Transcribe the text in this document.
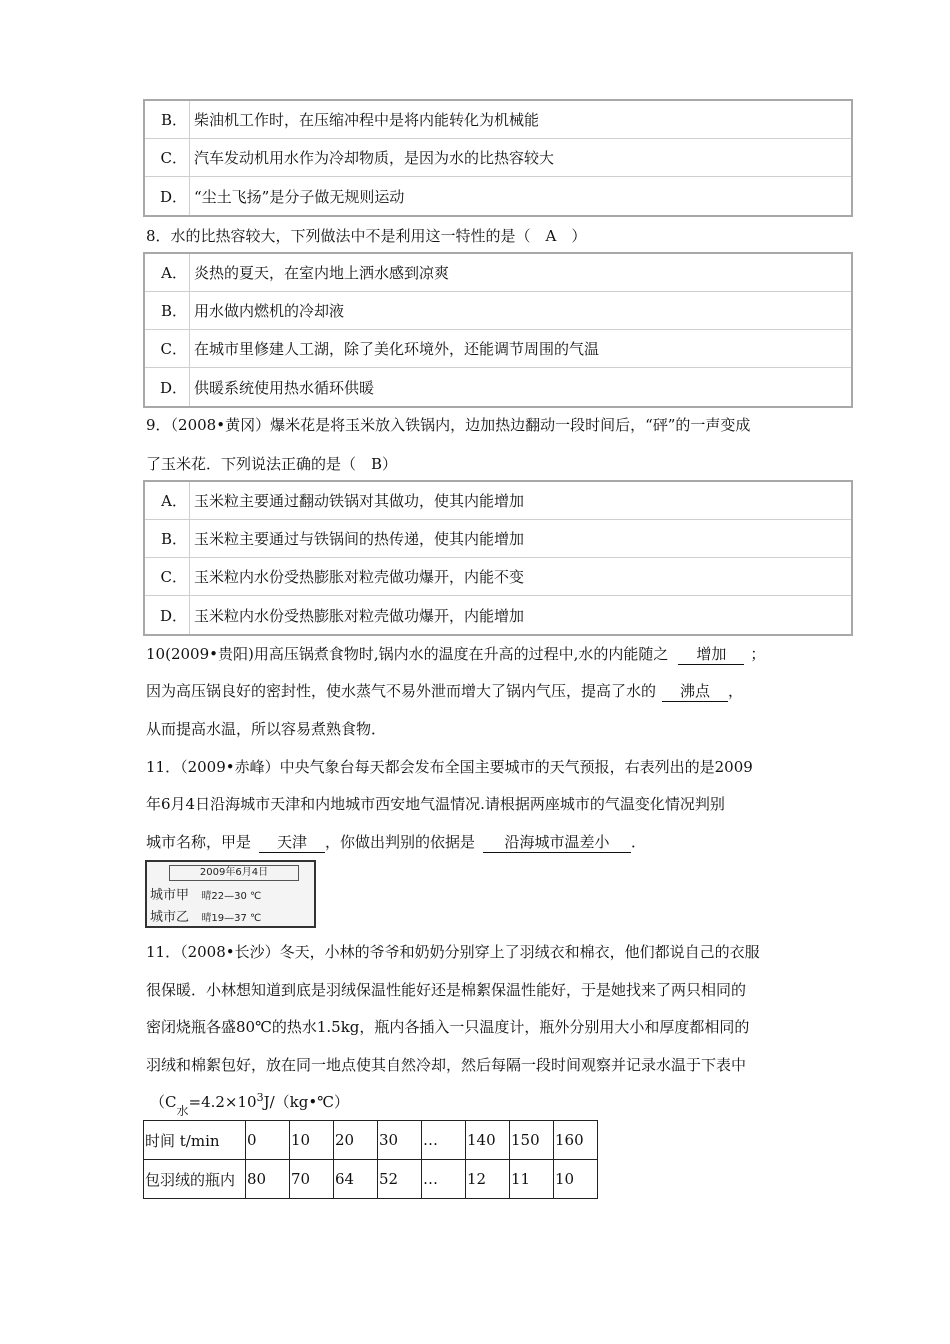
B． 柴油机工作时，在压缩冲程中是将内能转化为机械能
C． 汽车发动机用水作为冷却物质，是因为水的比热容较大
D． “尘土飞扬”是分子做无规则运动
8．水的比热容较大，下列做法中不是利用这一特性的是（　A　）
A． 炎热的夏天，在室内地上洒水感到凉爽
B． 用水做内燃机的冷却液
C． 在城市里修建人工湖，除了美化环境外，还能调节周围的气温
D． 供暖系统使用热水循环供暖
9．（2008•黄冈）爆米花是将玉米放入铁锅内，边加热边翻动一段时间后，“砰”的一声变成
了玉米花．下列说法正确的是（　B）
A． 玉米粒主要通过翻动铁锅对其做功，使其内能增加
B． 玉米粒主要通过与铁锅间的热传递，使其内能增加
C． 玉米粒内水份受热膨胀对粒壳做功爆开，内能不变
D． 玉米粒内水份受热膨胀对粒壳做功爆开，内能增加
10(2009•贵阳)用高压锅煮食物时,锅内水的温度在升高的过程中,水的内能随之 增加 ；
因为高压锅良好的密封性，使水蒸气不易外泄而增大了锅内气压，提高了水的 沸点 ，
从而提高水温，所以容易煮熟食物．
11．（2009•赤峰）中央气象台每天都会发布全国主要城市的天气预报，右表列出的是2009
年6月4日沿海城市天津和内地城市西安地气温情况.请根据两座城市的气温变化情况判别
城市名称，甲是 天津 ，你做出判别的依据是 沿海城市温差小 ．
2009年6月4日
城市甲 晴22—30 ℃
城市乙 晴19—37 ℃
11．（2008•长沙）冬天，小林的爷爷和奶奶分别穿上了羽绒衣和棉衣，他们都说自己的衣服
很保暖．小林想知道到底是羽绒保温性能好还是棉絮保温性能好，于是她找来了两只相同的
密闭烧瓶各盛80℃的热水1.5kg，瓶内各插入一只温度计，瓶外分别用大小和厚度都相同的
羽绒和棉絮包好，放在同一地点使其自然冷却，然后每隔一段时间观察并记录水温于下表中
（$C_水=4.2\times 10^3J/(kg•℃)$
时间 t/min	0	10	20	30	…	140	150	160
包羽绒的瓶内	80	70	64	52	…	12	11	10
